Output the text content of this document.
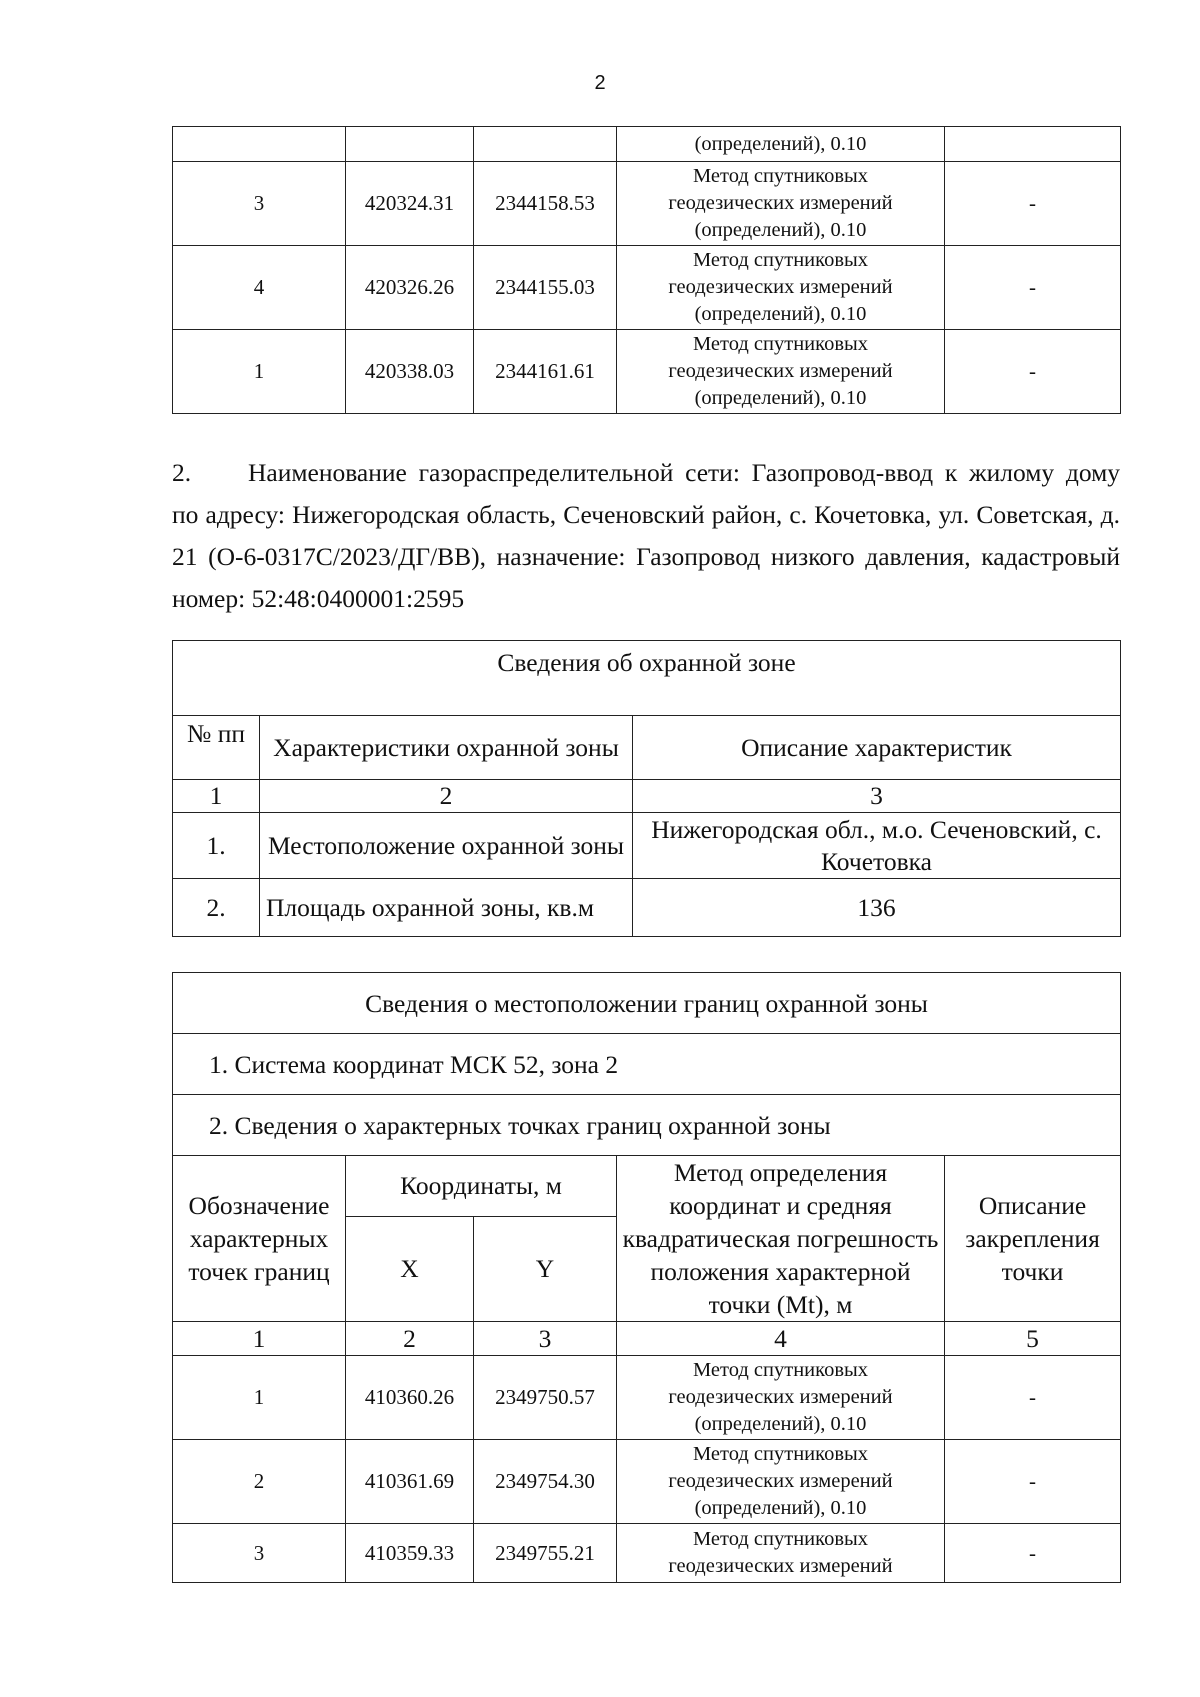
2
			(определений), 0.10	
3	420324.31	2344158.53	Метод спутниковых
геодезических измерений
(определений), 0.10	-
4	420326.26	2344155.03	Метод спутниковых
геодезических измерений
(определений), 0.10	-
1	420338.03	2344161.61	Метод спутниковых
геодезических измерений
(определений), 0.10	-
2. Наименование газораспределительной сети: Газопровод-ввод к жилому дому по адресу: Нижегородская область, Сеченовский район, с. Кочетовка, ул. Советская, д. 21 (О-6-0317С/2023/ДГ/ВВ), назначение: Газопровод низкого давления, кадастровый номер: 52:48:0400001:2595
Сведения об охранной зоне		
№ пп	Характеристики охранной зоны	Описание характеристик
1	2	3
1.	Местоположение охранной зоны	Нижегородская обл., м.о. Сеченовский, с. Кочетовка
2.	Площадь охранной зоны, кв.м	136
Сведения о местоположении границ охранной зоны				
1. Система координат МСК 52, зона 2				
2. Сведения о характерных точках границ охранной зоны				
Обозначение характерных точек границ	Координаты, м		Метод определения координат и средняя квадратическая погрешность положения характерной точки (Mt), м	Описание закрепления точки
	X	Y		
1	2	3	4	5
1	410360.26	2349750.57	Метод спутниковых
геодезических измерений
(определений), 0.10	-
2	410361.69	2349754.30	Метод спутниковых
геодезических измерений
(определений), 0.10	-
3	410359.33	2349755.21	Метод спутниковых
геодезических измерений	-
